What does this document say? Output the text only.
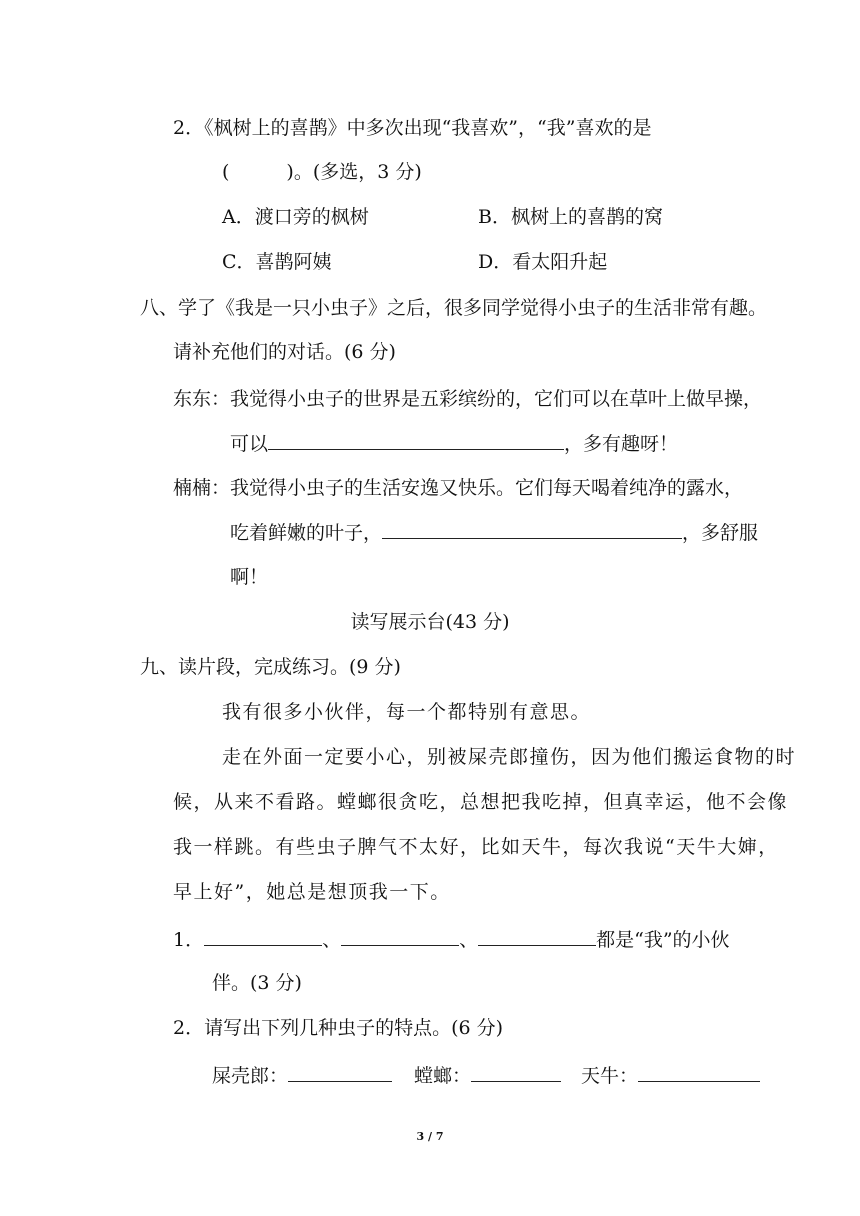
2．《枫树上的喜鹊》中多次出现“我喜欢”，“我”喜欢的是
(　　　)。(多选，3 分)
A．渡口旁的枫树	B．枫树上的喜鹊的窝
C．喜鹊阿姨	D．看太阳升起
八、学了《我是一只小虫子》之后，很多同学觉得小虫子的生活非常有趣。
请补充他们的对话。(6 分)
东东：我觉得小虫子的世界是五彩缤纷的，它们可以在草叶上做早操，
可以	，多有趣呀！
楠楠：我觉得小虫子的生活安逸又快乐。它们每天喝着纯净的露水，
吃着鲜嫩的叶子，	，多舒服
啊！
读写展示台(43 分)
九、读片段，完成练习。(9 分)
我有很多小伙伴，每一个都特别有意思。
走在外面一定要小心，别被屎壳郎撞伤，因为他们搬运食物的时
候，从来不看路。螳螂很贪吃，总想把我吃掉，但真幸运，他不会像
我一样跳。有些虫子脾气不太好，比如天牛，每次我说“天牛大婶，
早上好”，她总是想顶我一下。
1．	、	、	都是“我”的小伙
伴。(3 分)
2．请写出下列几种虫子的特点。(6 分)
屎壳郎：	螳螂：	天牛：
3 / 7
